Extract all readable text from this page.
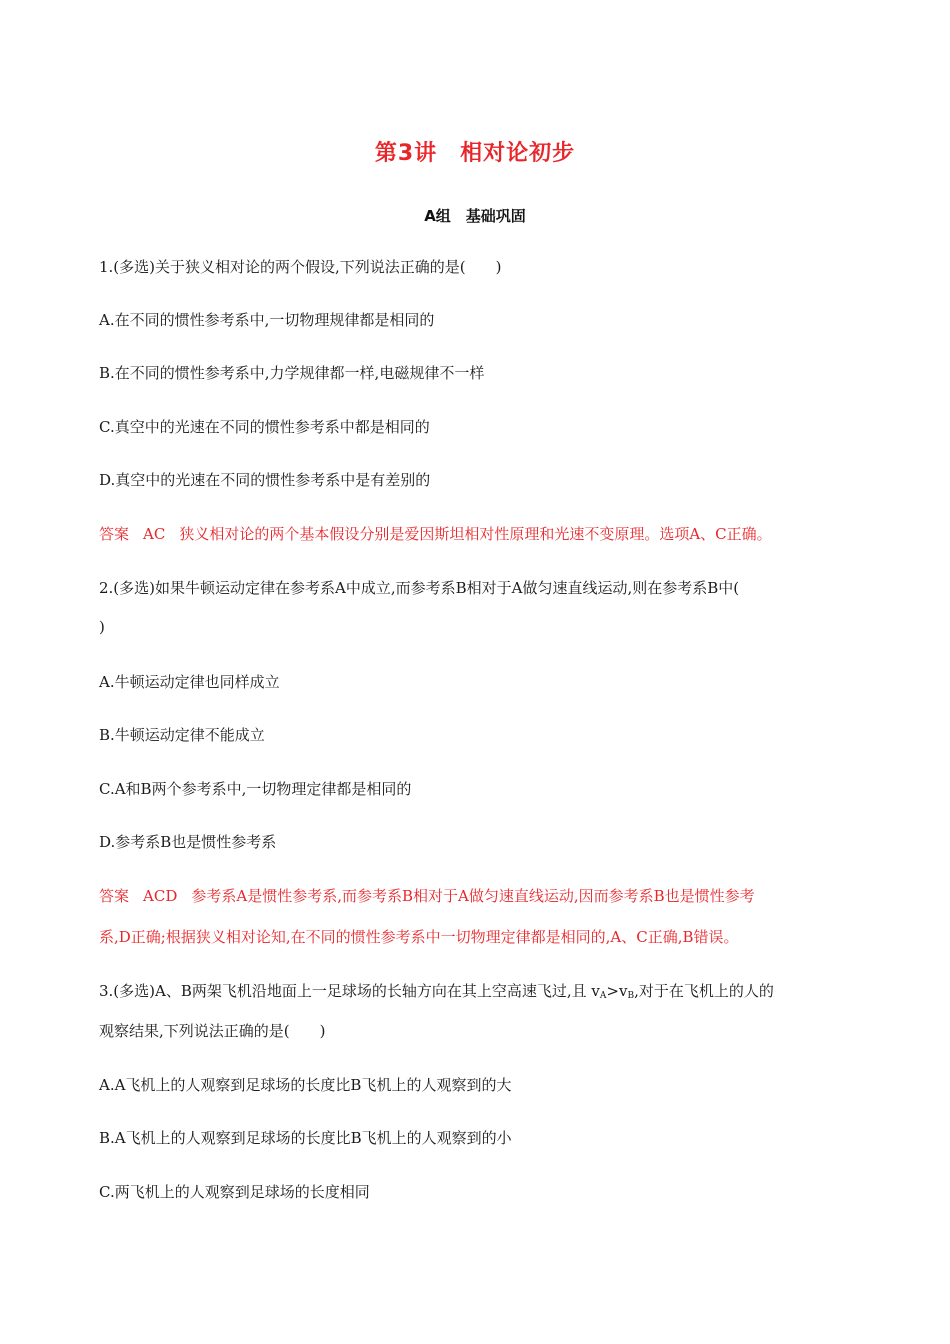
第3讲　相对论初步
A组　基础巩固
1.(多选)关于狭义相对论的两个假设,下列说法正确的是(　　)
A.在不同的惯性参考系中,一切物理规律都是相同的
B.在不同的惯性参考系中,力学规律都一样,电磁规律不一样
C.真空中的光速在不同的惯性参考系中都是相同的
D.真空中的光速在不同的惯性参考系中是有差别的
答案 AC 狭义相对论的两个基本假设分别是爱因斯坦相对性原理和光速不变原理。选项A、C正确。
2.(多选)如果牛顿运动定律在参考系A中成立,而参考系B相对于A做匀速直线运动,则在参考系B中(
)
A.牛顿运动定律也同样成立
B.牛顿运动定律不能成立
C.A和B两个参考系中,一切物理定律都是相同的
D.参考系B也是惯性参考系
答案 ACD 参考系A是惯性参考系,而参考系B相对于A做匀速直线运动,因而参考系B也是惯性参考
系,D正确;根据狭义相对论知,在不同的惯性参考系中一切物理定律都是相同的,A、C正确,B错误。
3.(多选)A、B两架飞机沿地面上一足球场的长轴方向在其上空高速飞过,且 $v_A>v_B$,对于在飞机上的人的
观察结果,下列说法正确的是(　　)
A.A飞机上的人观察到足球场的长度比B飞机上的人观察到的大
B.A飞机上的人观察到足球场的长度比B飞机上的人观察到的小
C.两飞机上的人观察到足球场的长度相同
